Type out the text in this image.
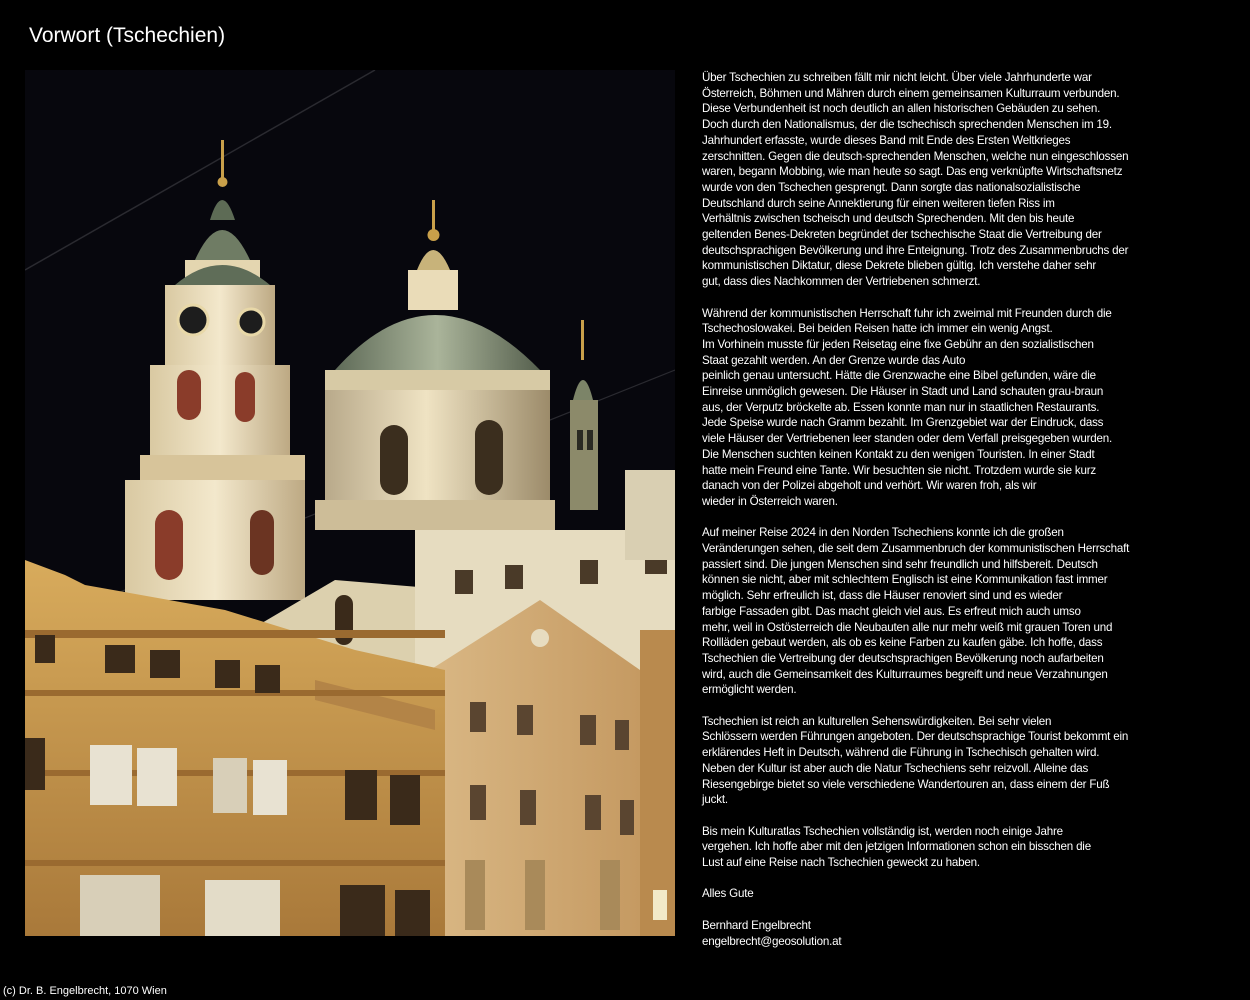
Vorwort (Tschechien)

Über Tschechien zu schreiben fällt mir nicht leicht. Über viele Jahrhunderte war
Österreich, Böhmen und Mähren durch einem gemeinsamen Kulturraum verbunden.
Diese Verbundenheit ist noch deutlich an allen historischen Gebäuden zu sehen.
Doch durch den Nationalismus, der die tschechisch sprechenden Menschen im 19.
Jahrhundert erfasste, wurde dieses Band mit Ende des Ersten Weltkrieges
zerschnitten. Gegen die deutsch-sprechenden Menschen, welche nun eingeschlossen
waren, begann Mobbing, wie man heute so sagt. Das eng verknüpfte Wirtschaftsnetz
wurde von den Tschechen gesprengt. Dann sorgte das nationalsozialistische
Deutschland durch seine Annektierung für einen weiteren tiefen Riss im
Verhältnis zwischen tscheisch und deutsch Sprechenden. Mit den bis heute
geltenden Benes-Dekreten begründet der tschechische Staat die Vertreibung der
deutschsprachigen Bevölkerung und ihre Enteignung. Trotz des Zusammenbruchs der
kommunistischen Diktatur, diese Dekrete blieben gültig. Ich verstehe daher sehr
gut, dass dies Nachkommen der Vertriebenen schmerzt.

Während der kommunistischen Herrschaft fuhr ich zweimal mit Freunden durch die
Tschechoslowakei. Bei beiden Reisen hatte ich immer ein wenig Angst.
Im Vorhinein musste für jeden Reisetag eine fixe Gebühr an den sozialistischen
Staat gezahlt werden. An der Grenze wurde das Auto
peinlich genau untersucht. Hätte die Grenzwache eine Bibel gefunden, wäre die
Einreise unmöglich gewesen. Die Häuser in Stadt und Land schauten grau-braun
aus, der Verputz bröckelte ab. Essen konnte man nur in staatlichen Restaurants.
Jede Speise wurde nach Gramm bezahlt. Im Grenzgebiet war der Eindruck, dass
viele Häuser der Vertriebenen leer standen oder dem Verfall preisgegeben wurden.
Die Menschen suchten keinen Kontakt zu den wenigen Touristen. In einer Stadt
hatte mein Freund eine Tante. Wir besuchten sie nicht. Trotzdem wurde sie kurz
danach von der Polizei abgeholt und verhört. Wir waren froh, als wir
wieder in Österreich waren.

Auf meiner Reise 2024 in den Norden Tschechiens konnte ich die großen
Veränderungen sehen, die seit dem Zusammenbruch der kommunistischen Herrschaft
passiert sind. Die jungen Menschen sind sehr freundlich und hilfsbereit. Deutsch
können sie nicht, aber mit schlechtem Englisch ist eine Kommunikation fast immer
möglich. Sehr erfreulich ist, dass die Häuser renoviert sind und es wieder
farbige Fassaden gibt. Das macht gleich viel aus. Es erfreut mich auch umso
mehr, weil in Ostösterreich die Neubauten alle nur mehr weiß mit grauen Toren und
Rollläden gebaut werden, als ob es keine Farben zu kaufen gäbe. Ich hoffe, dass
Tschechien die Vertreibung der deutschsprachigen Bevölkerung noch aufarbeiten
wird, auch die Gemeinsamkeit des Kulturraumes begreift und neue Verzahnungen
ermöglicht werden.

Tschechien ist reich an kulturellen Sehenswürdigkeiten. Bei sehr vielen
Schlössern werden Führungen angeboten. Der deutschsprachige Tourist bekommt ein
erklärendes Heft in Deutsch, während die Führung in Tschechisch gehalten wird.
Neben der Kultur ist aber auch die Natur Tschechiens sehr reizvoll. Alleine das
Riesengebirge bietet so viele verschiedene Wandertouren an, dass einem der Fuß
juckt.

Bis mein Kulturatlas Tschechien vollständig ist, werden noch einige Jahre
vergehen. Ich hoffe aber mit den jetzigen Informationen schon ein bisschen die
Lust auf eine Reise nach Tschechien geweckt zu haben.

Alles Gute

Bernhard Engelbrecht

engelbrecht@geosolution.at

(c) Dr. B. Engelbrecht, 1070 Wien
